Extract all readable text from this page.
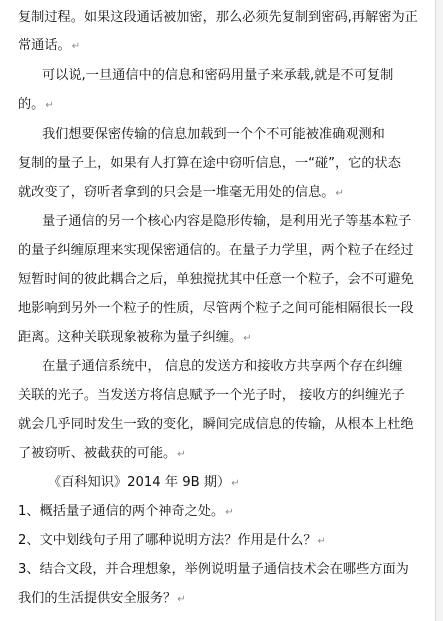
复制过程。如果这段通话被加密，那么必须先复制到密码,再解密为正
常通话。↵
可以说,一旦通信中的信息和密码用量子来承载,就是不可复制
的。↵
我们想要保密传输的信息加载到一个个不可能被准确观测和
复制的量子上，如果有人打算在途中窃听信息，一“碰”，它的状态
就改变了，窃听者拿到的只会是一堆毫无用处的信息。↵
量子通信的另一个核心内容是隐形传输，是利用光子等基本粒子
的量子纠缠原理来实现保密通信的。在量子力学里，两个粒子在经过
短暂时间的彼此耦合之后，单独搅扰其中任意一个粒子，会不可避免
地影响到另外一个粒子的性质，尽管两个粒子之间可能相隔很长一段
距离。这种关联现象被称为量子纠缠。↵
在量子通信系统中， 信息的发送方和接收方共享两个存在纠缠
关联的光子。当发送方将信息赋予一个光子时， 接收方的纠缠光子
就会几乎同时发生一致的变化，瞬间完成信息的传输，从根本上杜绝
了被窃听、被截获的可能。↵
《百科知识》2014 年 9B 期）↵
1、概括量子通信的两个神奇之处。↵
2、文中划线句子用了哪种说明方法？作用是什么？↵
3、结合文段，并合理想象，举例说明量子通信技术会在哪些方面为
我们的生活提供安全服务？↵
